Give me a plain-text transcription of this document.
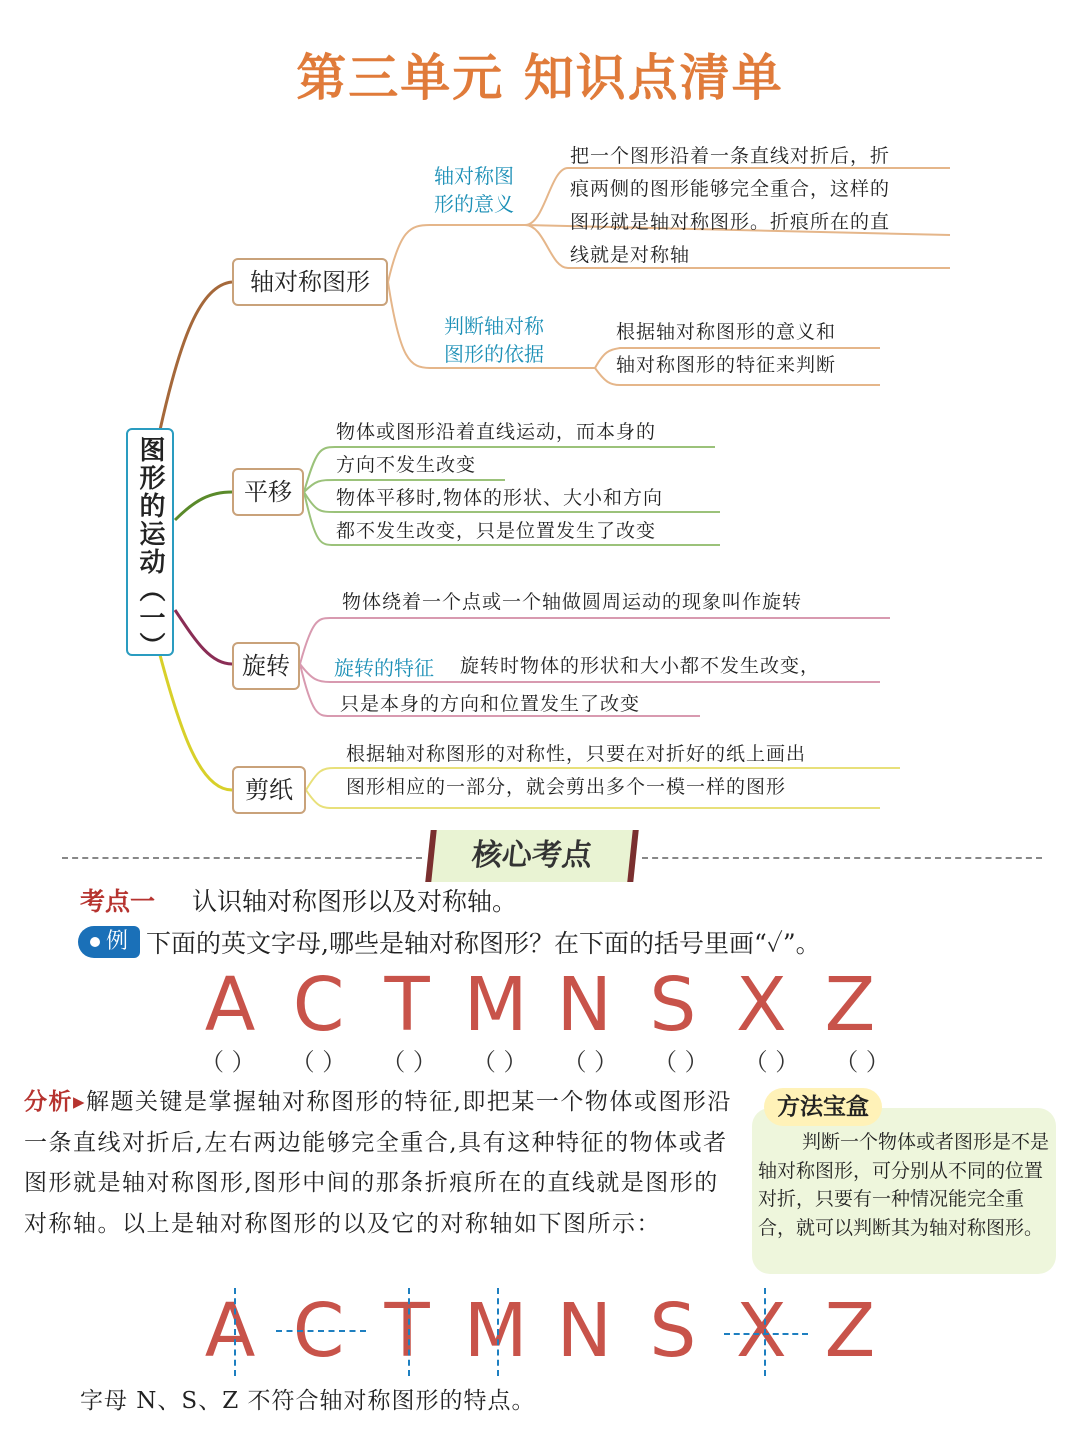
第三单元 知识点清单
图形的运动（一）
轴对称图形
轴对称图
形的意义
把一个图形沿着一条直线对折后，折
痕两侧的图形能够完全重合，这样的
图形就是轴对称图形。折痕所在的直
线就是对称轴
判断轴对称
图形的依据
根据轴对称图形的意义和
轴对称图形的特征来判断
平移
物体或图形沿着直线运动，而本身的
方向不发生改变
物体平移时,物体的形状、大小和方向
都不发生改变，只是位置发生了改变
旋转
物体绕着一个点或一个轴做圆周运动的现象叫作旋转
旋转的特征 旋转时物体的形状和大小都不发生改变，
只是本身的方向和位置发生了改变
剪纸
根据轴对称图形的对称性，只要在对折好的纸上画出
图形相应的一部分，就会剪出多个一模一样的图形
核心考点
考点一 认识轴对称图形以及对称轴。
例 下面的英文字母,哪些是轴对称图形？在下面的括号里画“✓”。
A C T M N S X Z
（ ） （ ） （ ） （ ） （ ） （ ） （ ） （ ）
分析▸解题关键是掌握轴对称图形的特征,即把某一个物体或图形沿一条直线对折后,左右两边能够完全重合,具有这种特征的物体或者图形就是轴对称图形,图形中间的那条折痕所在的直线就是图形的对称轴。以上是轴对称图形的以及它的对称轴如下图所示：
方法宝盒
判断一个物体或者图形是不是轴对称图形，可分别从不同的位置对折，只要有一种情况能完全重合，就可以判断其为轴对称图形。
A C T M N S X Z
字母 N、S、Z 不符合轴对称图形的特点。
